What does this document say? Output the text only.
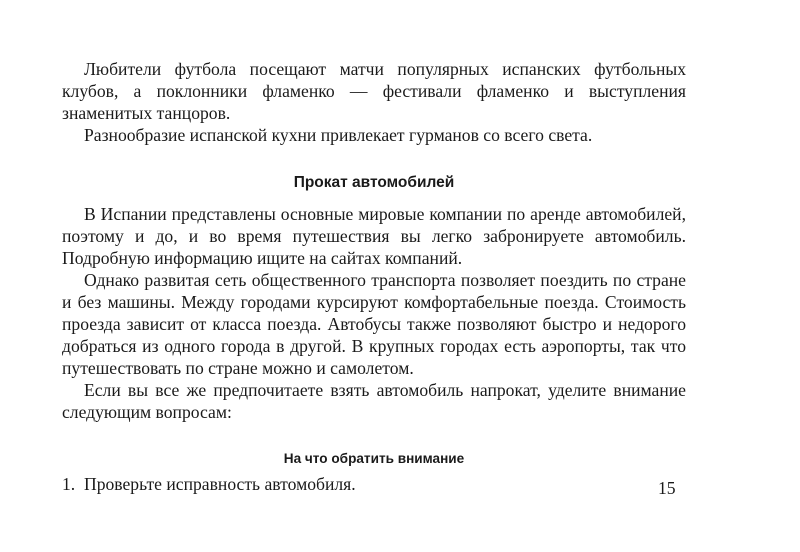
Любители футбола посещают матчи популярных испанских футбольных клубов, а поклонники фламенко — фестивали фламенко и выступления знаменитых танцоров.

Разнообразие испанской кухни привлекает гурманов со всего света.

Прокат автомобилей

В Испании представлены основные мировые компании по аренде автомобилей, поэтому и до, и во время путешествия вы легко забронируете автомобиль. Подробную информацию ищите на сайтах компаний.

Однако развитая сеть общественного транспорта позволяет поездить по стране и без машины. Между городами курсируют комфортабельные поезда. Стоимость проезда зависит от класса поезда. Автобусы также позволяют быстро и недорого добраться из одного города в другой. В крупных городах есть аэропорты, так что путешествовать по стране можно и самолетом.

Если вы все же предпочитаете взять автомобиль напрокат, уделите внимание следующим вопросам:

На что обратить внимание
1. Проверьте исправность автомобиля.	15
